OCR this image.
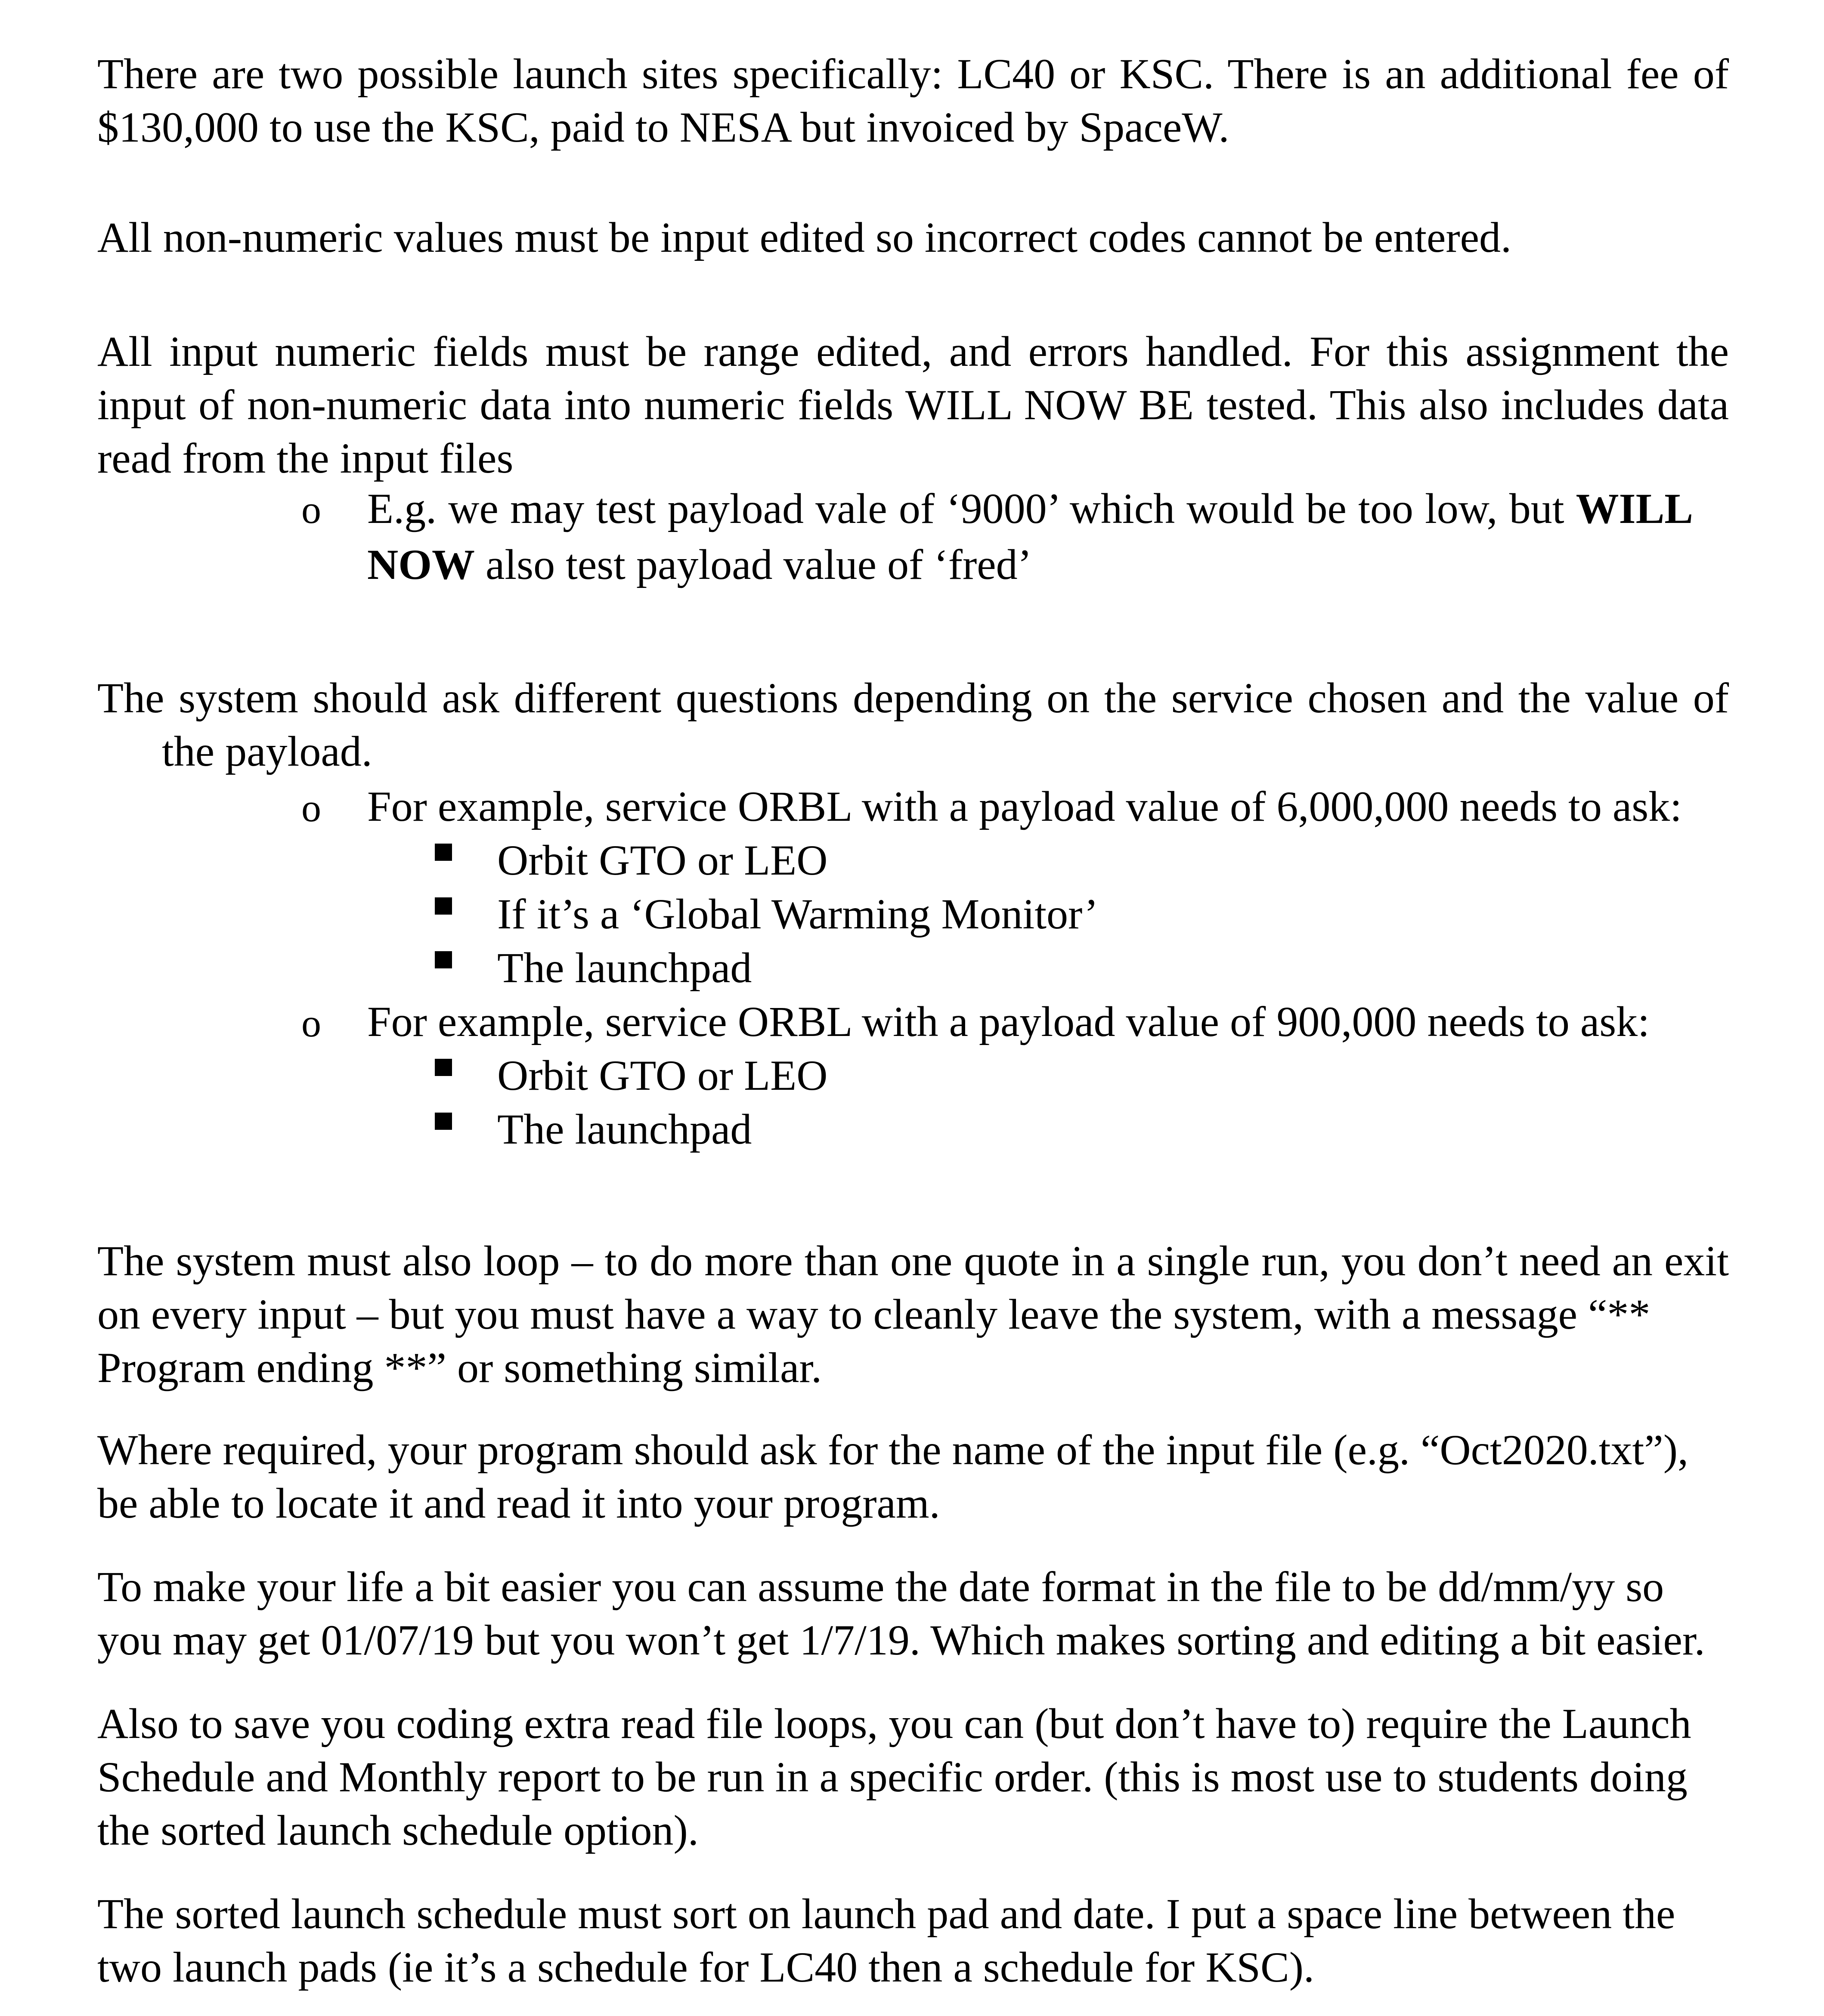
There are two possible launch sites specifically: LC40 or KSC. There is an additional fee of
$130,000 to use the KSC, paid to NESA but invoiced by SpaceW.
All non-numeric values must be input edited so incorrect codes cannot be entered.
All input numeric fields must be range edited, and errors handled. For this assignment the
input of non-numeric data into numeric fields WILL NOW BE tested. This also includes data
read from the input files
o E.g. we may test payload vale of ‘9000’ which would be too low, but WILL
NOW also test payload value of ‘fred’
The system should ask different questions depending on the service chosen and the value of
the payload.
o For example, service ORBL with a payload value of 6,000,000 needs to ask:
Orbit GTO or LEO
If it’s a ‘Global Warming Monitor’
The launchpad
o For example, service ORBL with a payload value of 900,000 needs to ask:
Orbit GTO or LEO
The launchpad
The system must also loop – to do more than one quote in a single run, you don’t need an exit
on every input – but you must have a way to cleanly leave the system, with a message “**
Program ending **” or something similar.
Where required, your program should ask for the name of the input file (e.g. “Oct2020.txt”),
be able to locate it and read it into your program.
To make your life a bit easier you can assume the date format in the file to be dd/mm/yy so
you may get 01/07/19 but you won’t get 1/7/19. Which makes sorting and editing a bit easier.
Also to save you coding extra read file loops, you can (but don’t have to) require the Launch
Schedule and Monthly report to be run in a specific order. (this is most use to students doing
the sorted launch schedule option).
The sorted launch schedule must sort on launch pad and date. I put a space line between the
two launch pads (ie it’s a schedule for LC40 then a schedule for KSC).
